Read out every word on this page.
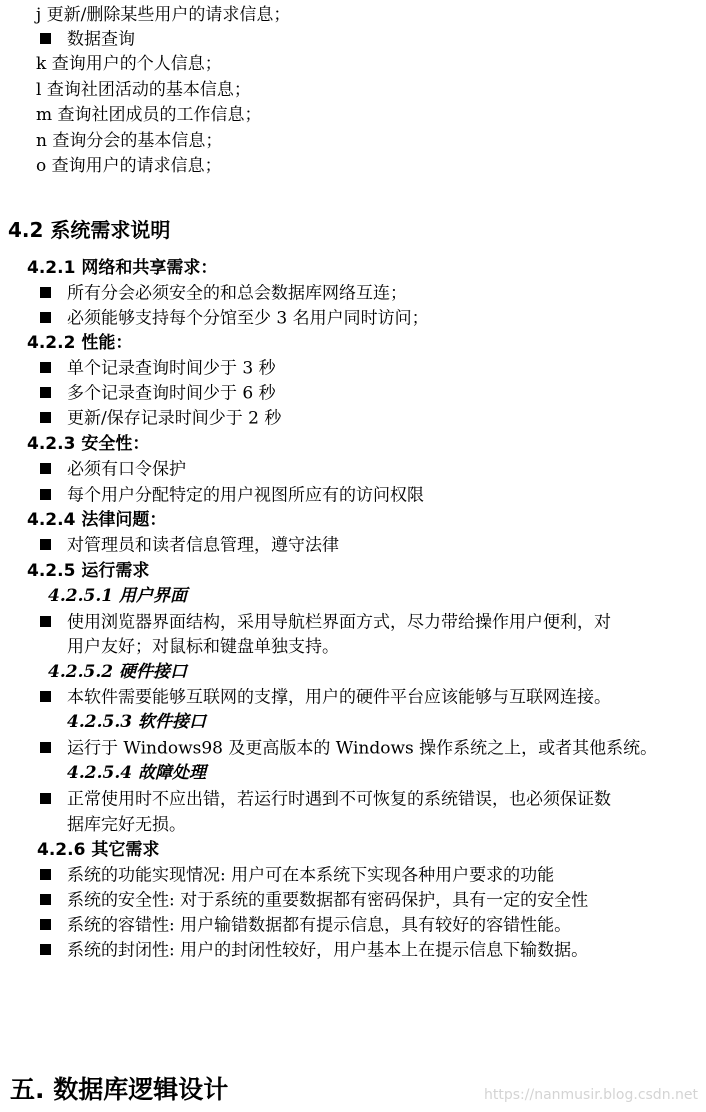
j 更新/删除某些用户的请求信息；
数据查询
k 查询用户的个人信息；
l 查询社团活动的基本信息；
m 查询社团成员的工作信息；
n 查询分会的基本信息；
o 查询用户的请求信息；
4.2 系统需求说明
4.2.1 网络和共享需求：
所有分会必须安全的和总会数据库网络互连；
必须能够支持每个分馆至少 3 名用户同时访问；
4.2.2 性能：
单个记录查询时间少于 3 秒
多个记录查询时间少于 6 秒
更新/保存记录时间少于 2 秒
4.2.3 安全性：
必须有口令保护
每个用户分配特定的用户视图所应有的访问权限
4.2.4 法律问题：
对管理员和读者信息管理，遵守法律
4.2.5 运行需求
4.2.5.1 用户界面
使用浏览器界面结构，采用导航栏界面方式，尽力带给操作用户便利，对
用户友好；对鼠标和键盘单独支持。
4.2.5.2 硬件接口
本软件需要能够互联网的支撑，用户的硬件平台应该能够与互联网连接。
4.2.5.3 软件接口
运行于 Windows98 及更高版本的 Windows 操作系统之上，或者其他系统。
4.2.5.4 故障处理
正常使用时不应出错，若运行时遇到不可恢复的系统错误，也必须保证数
据库完好无损。
4.2.6 其它需求
系统的功能实现情况: 用户可在本系统下实现各种用户要求的功能
系统的安全性: 对于系统的重要数据都有密码保护，具有一定的安全性
系统的容错性: 用户输错数据都有提示信息，具有较好的容错性能。
系统的封闭性: 用户的封闭性较好，用户基本上在提示信息下输数据。
五. 数据库逻辑设计	https://nanmusir.blog.csdn.net
